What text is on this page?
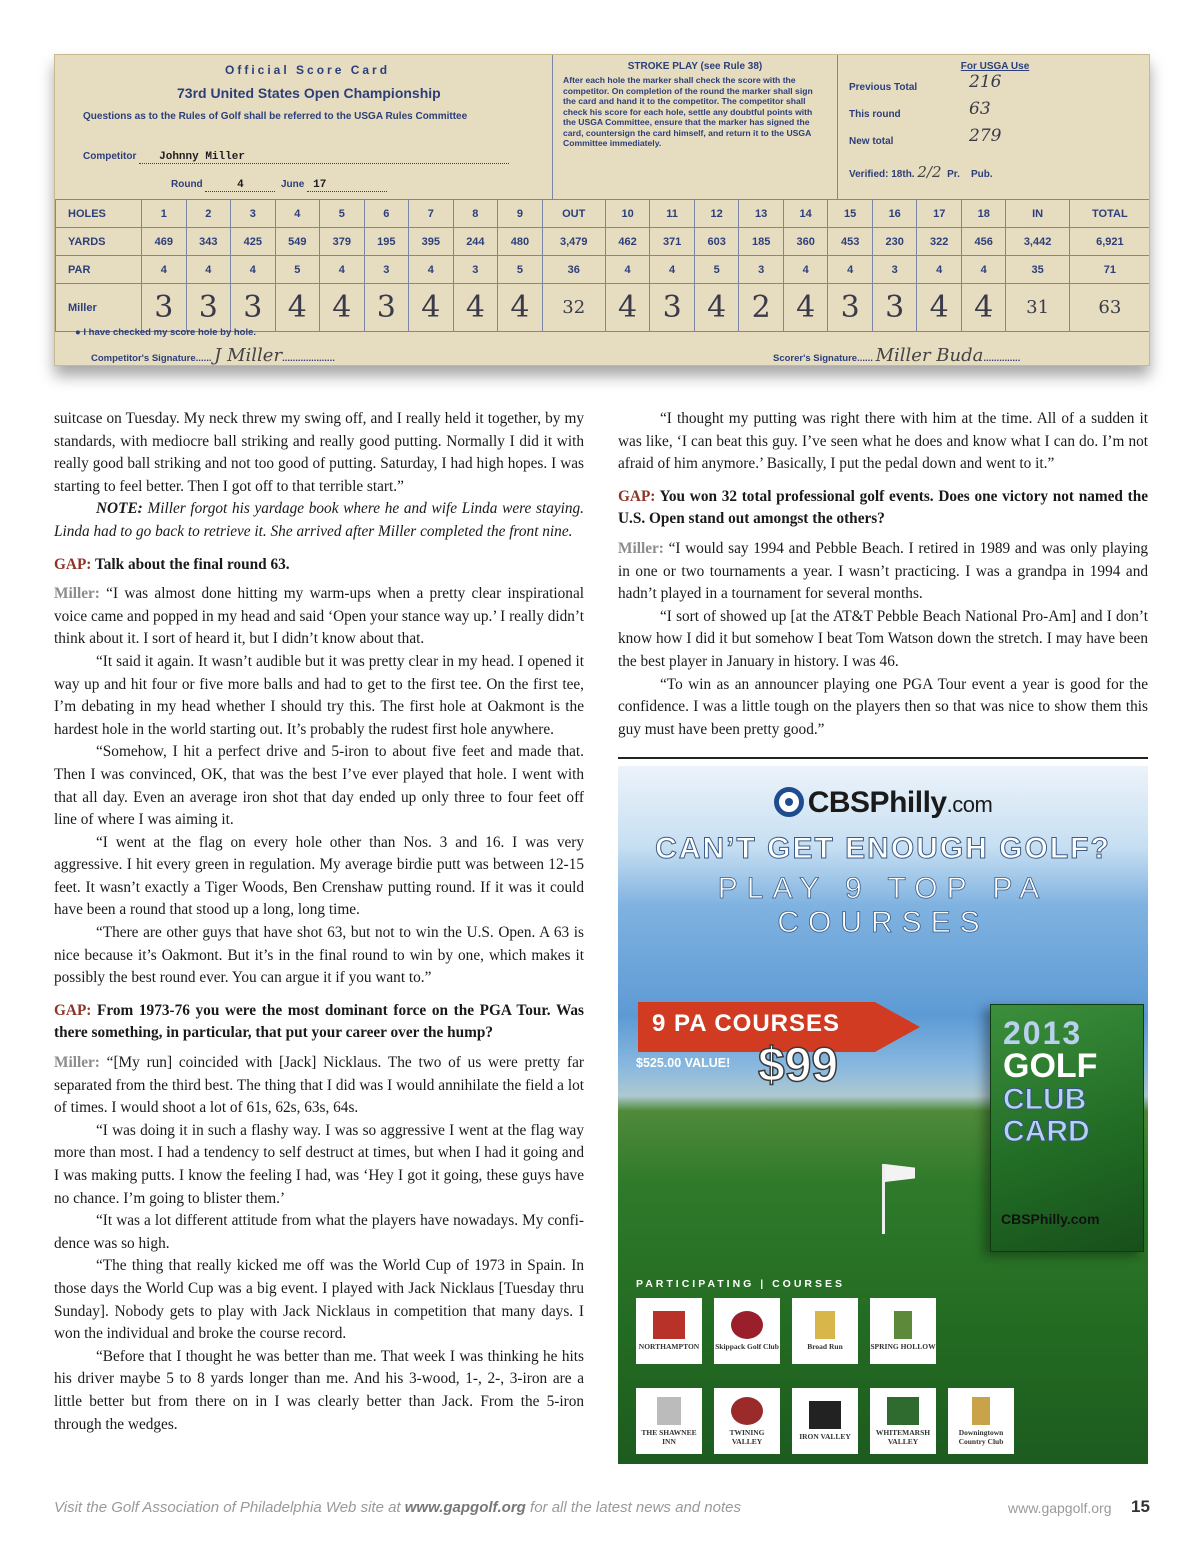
Official Score Card
73rd United States Open Championship
Questions as to the Rules of Golf shall be referred to the USGA Rules Committee
Competitor Johnny Miller
Round	4	June 17
STROKE PLAY (see Rule 38)
After each hole the marker shall check the score with the competitor. On completion of the round the marker shall sign the card and hand it to the competitor. The competitor shall check his score for each hole, settle any doubtful points with the USGA Committee, ensure that the marker has signed the card, countersign the card himself, and return it to the USGA Committee immediately.
For USGA Use
Previous Total	216
This round	63
New total	279
Verified: 18th. 2/2 Pr. Pub.
HOLES	1	2	3	4	5	6	7	8	9	OUT	10	11	12	13	14	15	16	17	18	IN	TOTAL
YARDS	469	343	425	549	379	195	395	244	480	3,479	462	371	603	185	360	453	230	322	456	3,442	6,921
PAR	4	4	4	5	4	3	4	3	5	36	4	4	5	3	4	4	3	4	4	35	71
Miller	3	3	3	4	4	3	4	4	4	32	4	3	4	2	4	3	3	4	4	31	63
● I have checked my score hole by hole.
Competitor's Signature...... J Miller....................	Scorer's Signature...... Miller Buda..............

suitcase on Tuesday. My neck threw my swing off, and I really held it together, by my standards, with mediocre ball striking and really good putting. Normally I did it with really good ball striking and not too good of putting. Saturday, I had high hopes. I was starting to feel better. Then I got off to that terrible start.”

NOTE: Miller forgot his yardage book where he and wife Linda were staying. Linda had to go back to retrieve it. She arrived after Miller completed the front nine.

GAP: Talk about the final round 63.

Miller: “I was almost done hitting my warm-ups when a pretty clear inspirational voice came and popped in my head and said ‘Open your stance way up.’ I really didn’t think about it. I sort of heard it, but I didn’t know about that.

“It said it again. It wasn’t audible but it was pretty clear in my head. I opened it way up and hit four or five more balls and had to get to the first tee. On the first tee, I’m debating in my head whether I should try this. The first hole at Oakmont is the hardest hole in the world starting out. It’s probably the rudest first hole anywhere.

“Somehow, I hit a perfect drive and 5-iron to about five feet and made that. Then I was convinced, OK, that was the best I’ve ever played that hole. I went with that all day. Even an average iron shot that day ended up only three to four feet off line of where I was aiming it.

“I went at the flag on every hole other than Nos. 3 and 16. I was very aggressive. I hit every green in regulation. My average birdie putt was between 12-15 feet. It wasn’t exactly a Tiger Woods, Ben Crenshaw putting round. If it was it could have been a round that stood up a long, long time.

“There are other guys that have shot 63, but not to win the U.S. Open. A 63 is nice because it’s Oakmont. But it’s in the final round to win by one, which makes it possibly the best round ever. You can argue it if you want to.”

GAP: From 1973-76 you were the most dominant force on the PGA Tour. Was there something, in particular, that put your career over the hump?

Miller: “[My run] coincided with [Jack] Nicklaus. The two of us were pretty far separated from the third best. The thing that I did was I would annihilate the field a lot of times. I would shoot a lot of 61s, 62s, 63s, 64s.

“I was doing it in such a flashy way. I was so aggressive I went at the flag way more than most. I had a tendency to self destruct at times, but when I had it going and I was making putts. I know the feeling I had, was ‘Hey I got it going, these guys have no chance. I’m going to blister them.’

“It was a lot different attitude from what the players have nowadays. My confi-dence was so high.

“The thing that really kicked me off was the World Cup of 1973 in Spain. In those days the World Cup was a big event. I played with Jack Nicklaus [Tuesday thru Sunday]. Nobody gets to play with Jack Nicklaus in competition that many days. I won the individual and broke the course record.

“Before that I thought he was better than me. That week I was thinking he hits his driver maybe 5 to 8 yards longer than me. And his 3-wood, 1-, 2-, 3-iron are a little better but from there on in I was clearly better than Jack. From the 5-iron through the wedges.

“I thought my putting was right there with him at the time. All of a sudden it was like, ‘I can beat this guy. I’ve seen what he does and know what I can do. I’m not afraid of him anymore.’ Basically, I put the pedal down and went to it.”

GAP: You won 32 total professional golf events. Does one victory not named the U.S. Open stand out amongst the others?

Miller: “I would say 1994 and Pebble Beach. I retired in 1989 and was only playing in one or two tournaments a year. I wasn’t practicing. I was a grandpa in 1994 and hadn’t played in a tournament for several months.

“I sort of showed up [at the AT&T Pebble Beach National Pro-Am] and I don’t know how I did it but somehow I beat Tom Watson down the stretch. I may have been the best player in January in history. I was 46.

“To win as an announcer playing one PGA Tour event a year is good for the confidence. I was a little tough on the players then so that was nice to show them this guy must have been pretty good.”

CBSPhilly.com
CAN’T GET ENOUGH GOLF?
PLAY 9 TOP PA COURSES
9 PA COURSES
$525.00 VALUE! $99
2013
GOLF
CLUB
CARD
CBSPhilly.com
PARTICIPATING | COURSES
NORTHAMPTON Skippack Golf Club	Broad Run	SPRING HOLLOW
THE SHAWNEE INN
TWINING VALLEY	IRON VALLEY	WHITEMARSH VALLEY
Downingtown Country Club
Visit the Golf Association of Philadelphia Web site at www.gapgolf.org for all the latest news and notes	www.gapgolf.org 15
